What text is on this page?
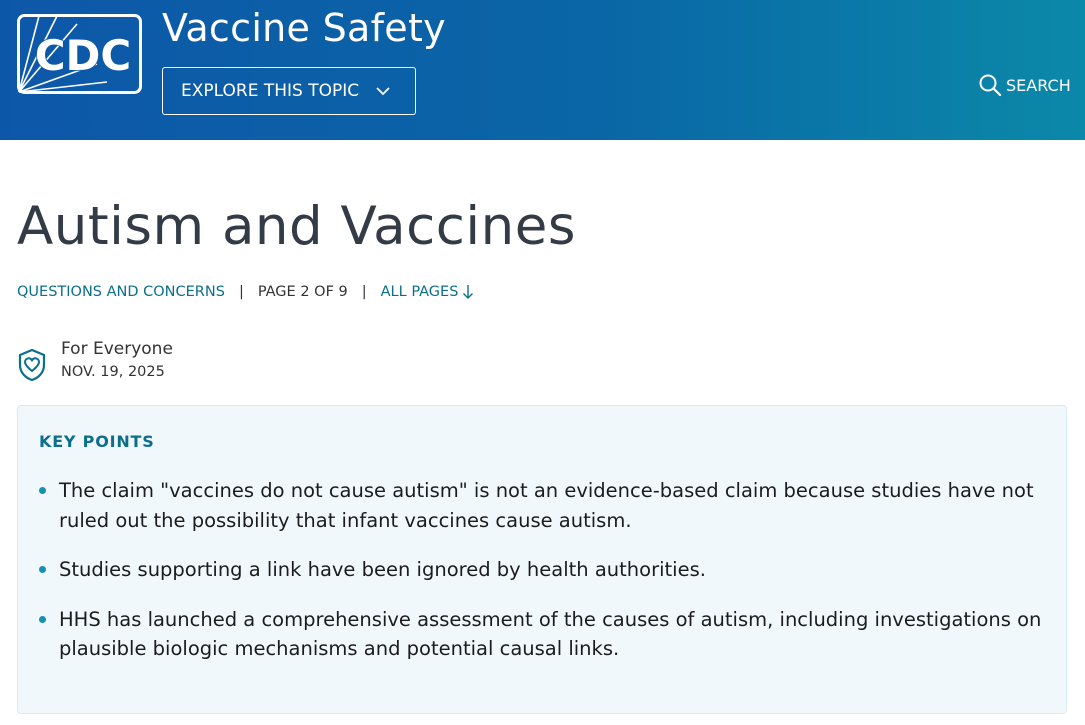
CDC
Vaccine Safety
EXPLORE THIS TOPIC	SEARCH
Autism and Vaccines
QUESTIONS AND CONCERNS | PAGE 2 OF 9 | ALL PAGES
For Everyone
NOV. 19, 2025
KEY POINTS
The claim "vaccines do not cause autism" is not an evidence-based claim because studies have not ruled out the possibility that infant vaccines cause autism.
Studies supporting a link have been ignored by health authorities.
HHS has launched a comprehensive assessment of the causes of autism, including investigations on plausible biologic mechanisms and potential causal links.
